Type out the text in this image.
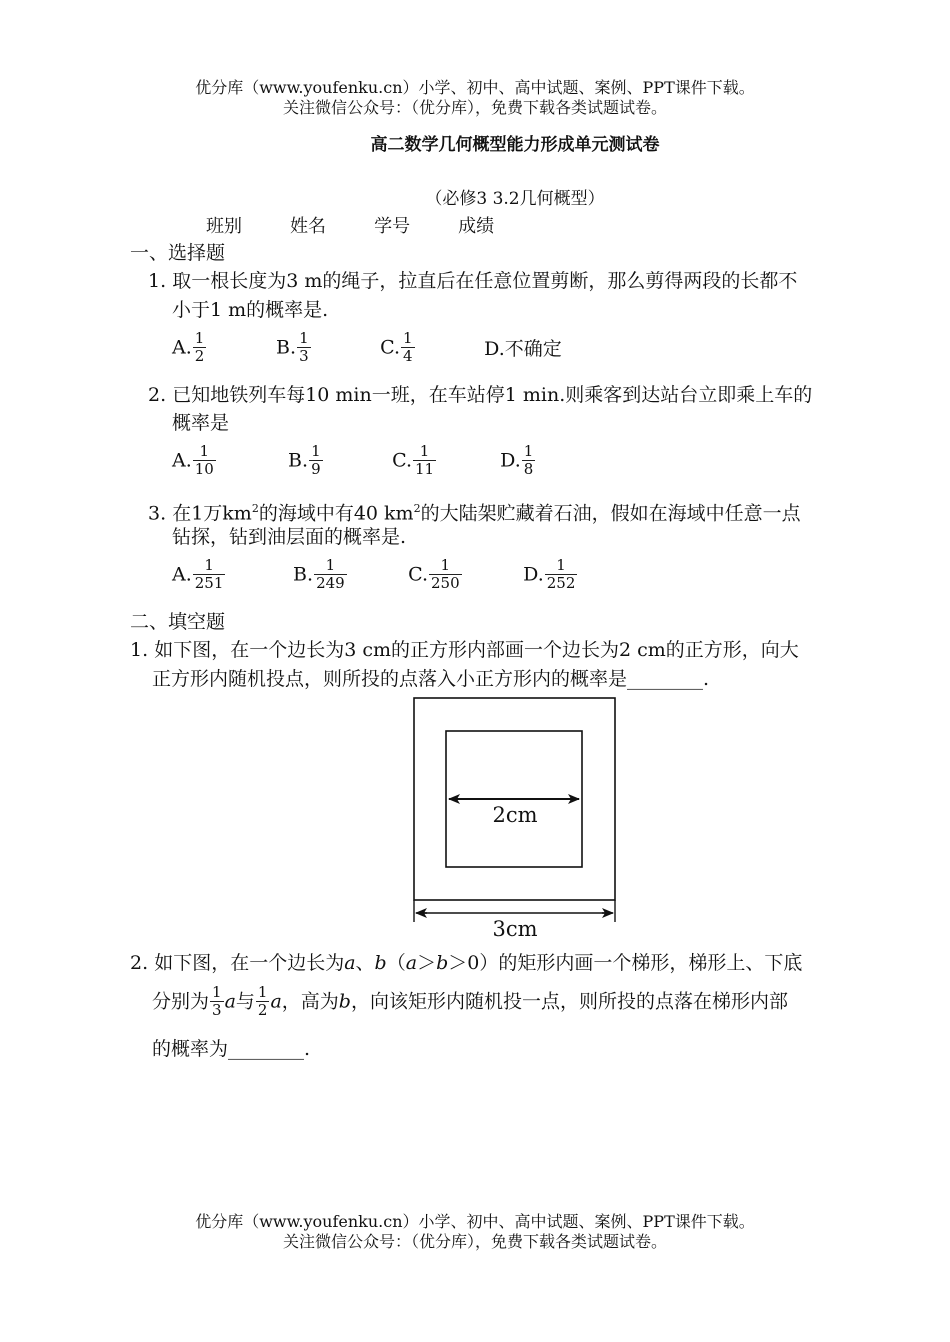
优分库（www.youfenku.cn）小学、初中、高中试题、案例、PPT课件下载。
关注微信公众号：（优分库），免费下载各类试题试卷。
高二数学几何概型能力形成单元测试卷
（必修3 3.2几何概型）
班别	姓名	学号	成绩
一、选择题
1. 取一根长度为3 m的绳子，拉直后在任意位置剪断，那么剪得两段的长都不
小于1 m的概率是.
A. $\frac{1}{2}$	B. $\frac{1}{3}$	C. $\frac{1}{4}$	D.不确定
2. 已知地铁列车每10 min一班，在车站停1 min.则乘客到达站台立即乘上车的
概率是
A. $\frac{1}{10}$	B. $\frac{1}{9}$	C. $\frac{1}{11}$	D. $\frac{1}{8}$
3. 在1万$km^2$的海域中有40 $km^2$的大陆架贮藏着石油，假如在海域中任意一点
钻探，钻到油层面的概率是.
A. $\frac{1}{251}$	B. $\frac{1}{249}$	C. $\frac{1}{250}$	D. $\frac{1}{252}$
二、填空题
1. 如下图，在一个边长为3 cm的正方形内部画一个边长为2 cm的正方形，向大
正方形内随机投点，则所投的点落入小正方形内的概率是________.
2cm
3cm
2. 如下图，在一个边长为a、b（a＞b＞0）的矩形内画一个梯形，梯形上、下底
分别为 $\frac{1}{3}$ a与 $\frac{1}{2}$ a，高为b，向该矩形内随机投一点，则所投的点落在梯形内部
的概率为________.
优分库（www.youfenku.cn）小学、初中、高中试题、案例、PPT课件下载。
关注微信公众号：（优分库），免费下载各类试题试卷。
